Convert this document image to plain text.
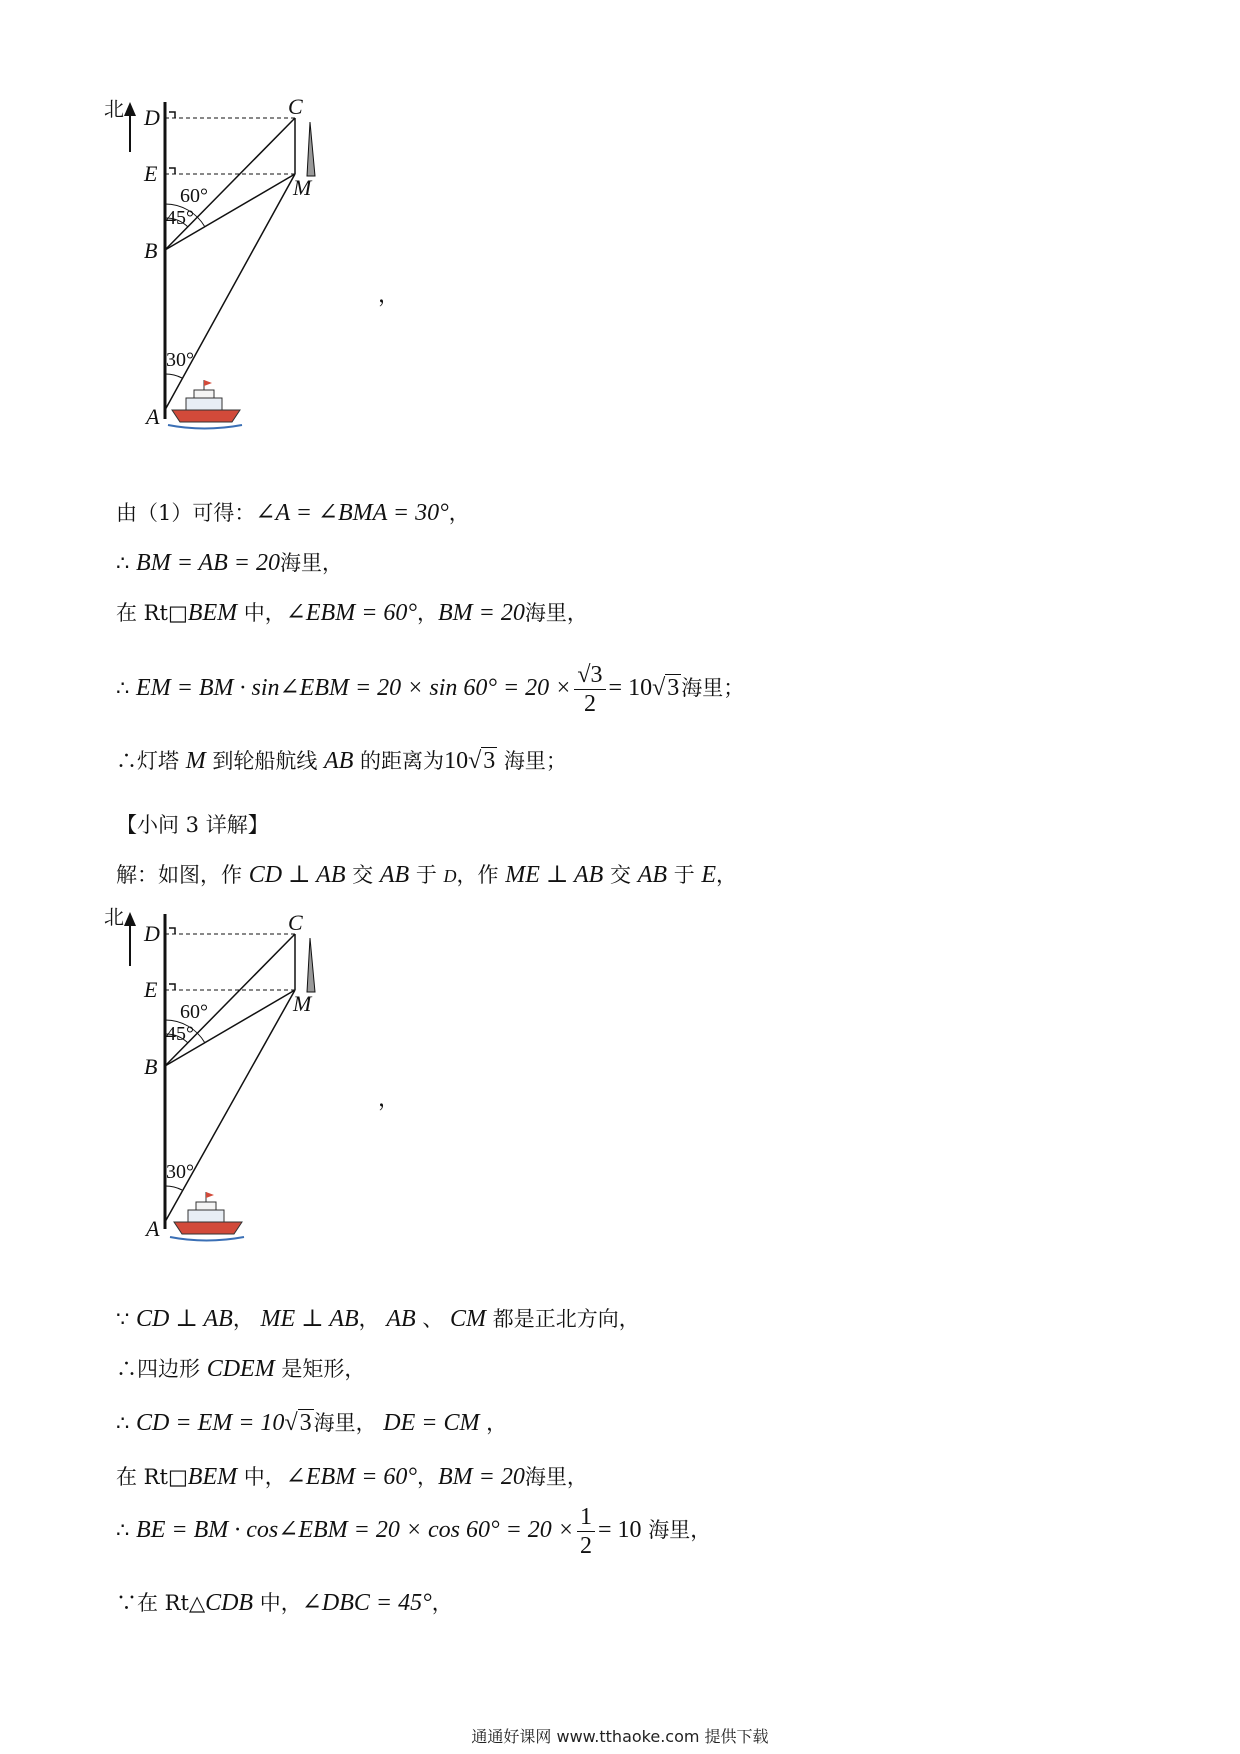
北 D
E
B
A
C
M
60°
45°
30°
，

由（1）可得：∠A = ∠BMA = 30°，

∴ BM = AB = 20海里，

在 Rt□BEM 中，∠EBM = 60°，BM = 20海里，

∴ EM = BM · sin∠EBM = $20 \times \sin 60^\circ = 20 \times \frac{√3}{2} = 10√3$海里；

∴灯塔 M 到轮船航线 AB 的距离为10√3 海里；

【小问 3 详解】

解：如图，作 CD ⊥ AB 交 AB 于 D，作 ME ⊥ AB 交 AB 于 E，

北
D
E
B
A
C
M
60°
45°
30°
，

∵ CD ⊥ AB， ME ⊥ AB， AB 、 CM 都是正北方向，

∴四边形 CDEM 是矩形，

∴ CD = EM = 10√3海里， DE = CM ，

在 Rt□BEM 中，∠EBM = 60°，BM = 20海里，

∴ BE = BM · cos∠EBM = $20 \times \cos 60^\circ = 20 \times \frac{1}{2} = 10$ 海里，

∵在 Rt△CDB 中，∠DBC = 45°，

通通好课网 www.tthaoke.com 提供下载
